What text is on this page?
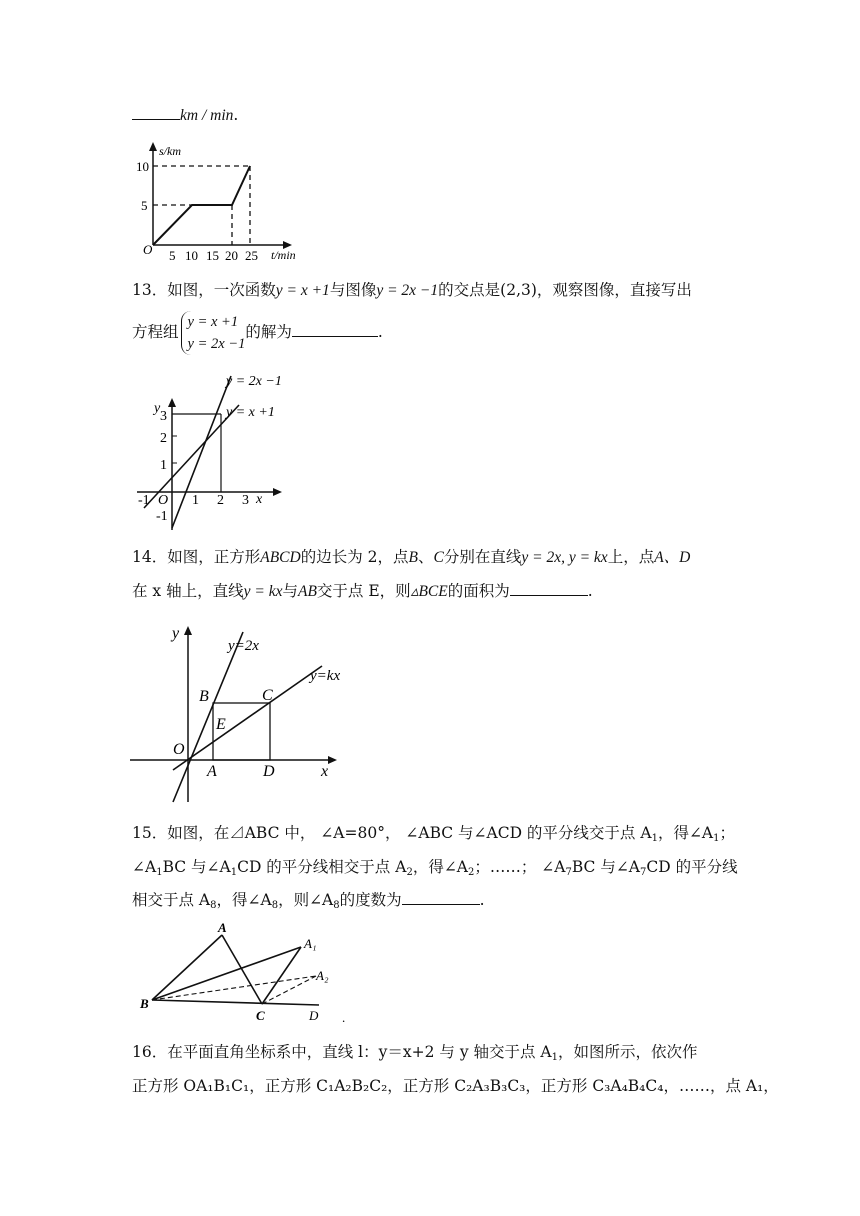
km / min.
s/km
t/min
O
5
10
5 10 15 20 25
13．如图，一次函数y = x +1与图像y = 2x −1的交点是(2,3)，观察图像，直接写出
方程组y = x +1
y = 2x −1的解为	.
y = 2x −1
y = x +1
y
x
O
3
2
1
-1
-1	1 2 3
14．如图，正方形ABCD的边长为 2，点B、C分别在直线y = 2x, y = kx上，点A、D
在 x 轴上，直线y = kx与AB交于点 E，则▵BCE的面积为	.
y=2x
y=kx
y
x
O
A
B	C
D
E
15．如图，在⊿ABC 中， ∠A=80°， ∠ABC 与∠ACD 的平分线交于点 $A_1$，得$\angle A_1$；
$\angle A_1BC$ 与$\angle A_1CD$ 的平分线相交于点 $A_2$，得$\angle A_2$；……； $\angle A_7BC$ 与$\angle A_7CD$ 的平分线
相交于点 $A_8$，得$\angle A_8$，则$\angle A_8$的度数为	.
A
A₁
A₂
B
C	D .
16．在平面直角坐标系中，直线 l：y＝x+2 与 y 轴交于点 $A_1$，如图所示，依次作
正方形 OA₁B₁C₁，正方形 C₁A₂B₂C₂，正方形 C₂A₃B₃C₃，正方形 C₃A₄B₄C₄，……，点 A₁，
